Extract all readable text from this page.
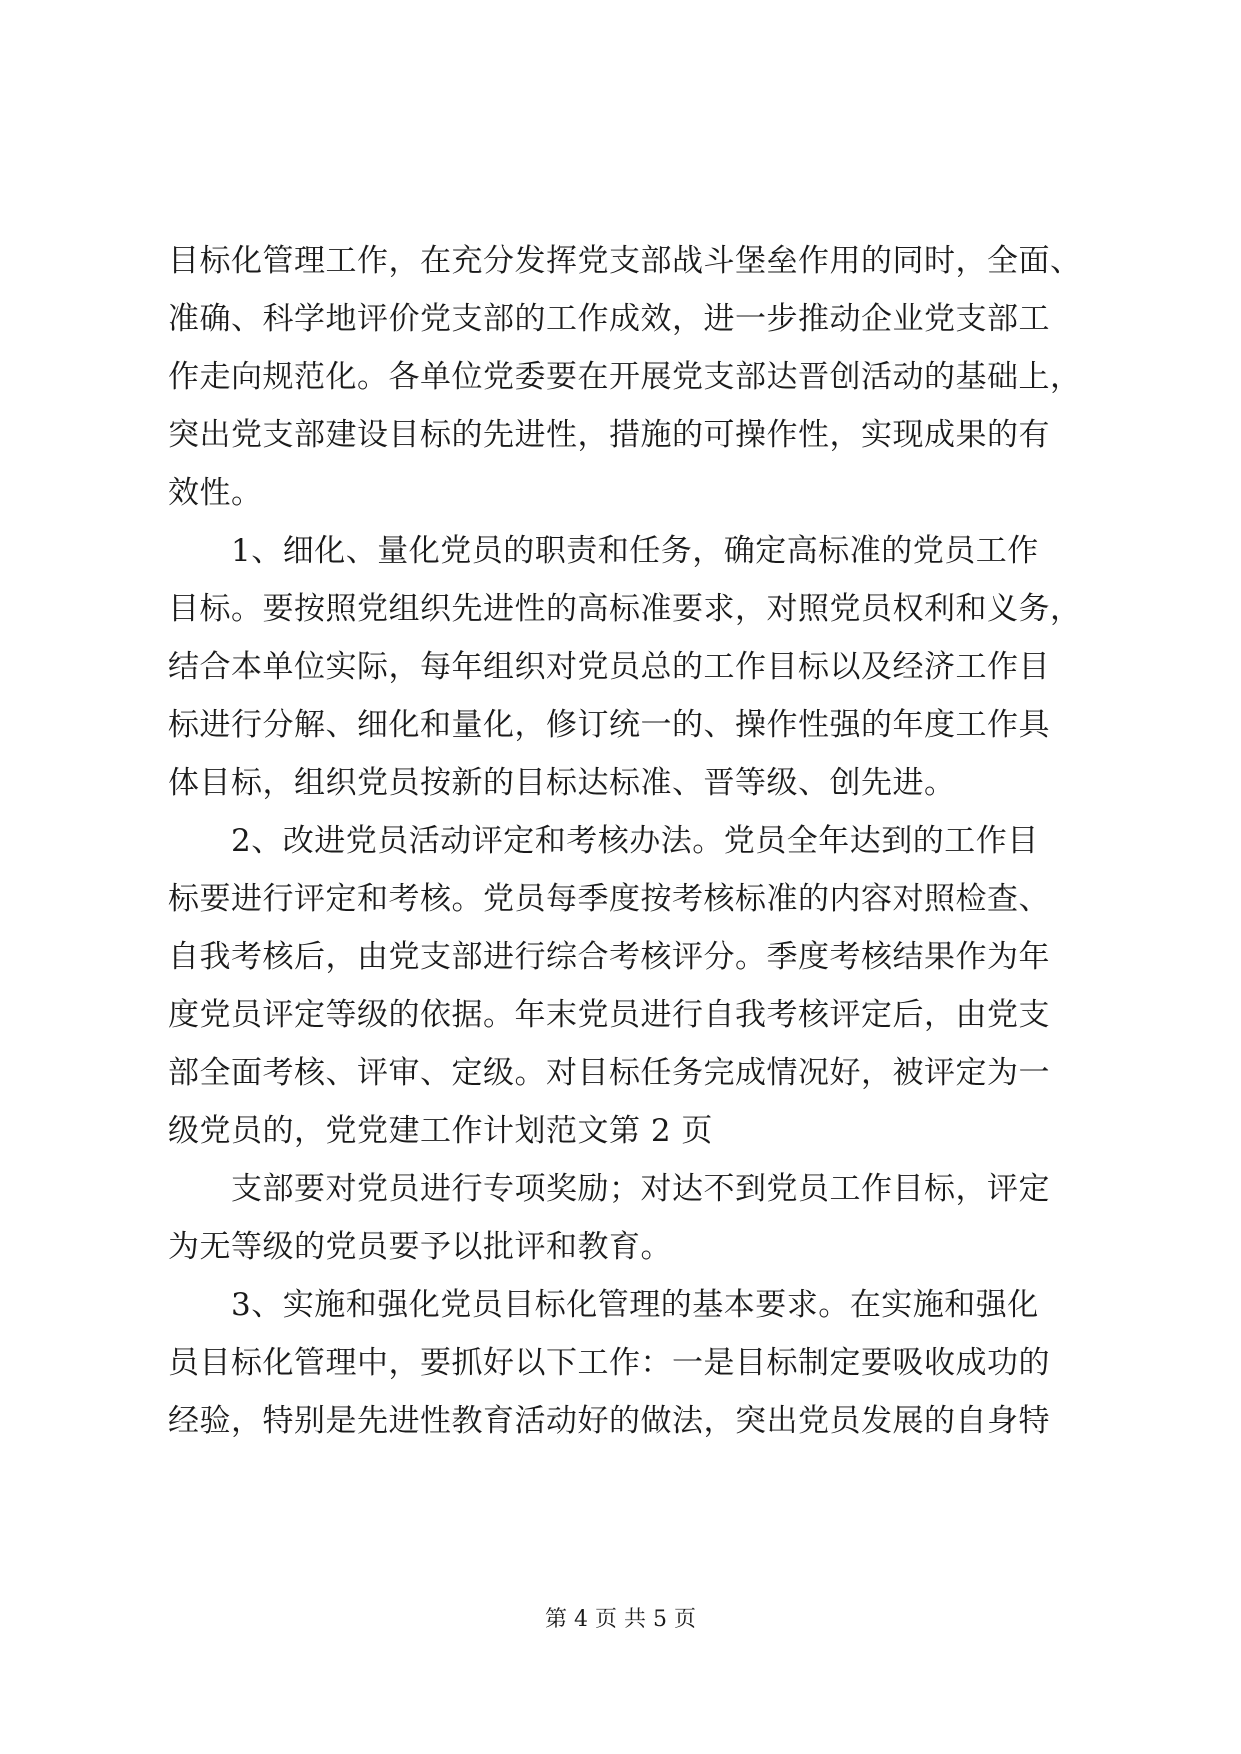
目标化管理工作，在充分发挥党支部战斗堡垒作用的同时，全面、
准确、科学地评价党支部的工作成效，进一步推动企业党支部工
作走向规范化。各单位党委要在开展党支部达晋创活动的基础上，
突出党支部建设目标的先进性，措施的可操作性，实现成果的有
效性。
　　1、细化、量化党员的职责和任务，确定高标准的党员工作
目标。要按照党组织先进性的高标准要求，对照党员权利和义务，
结合本单位实际，每年组织对党员总的工作目标以及经济工作目
标进行分解、细化和量化，修订统一的、操作性强的年度工作具
体目标，组织党员按新的目标达标准、晋等级、创先进。
　　2、改进党员活动评定和考核办法。党员全年达到的工作目
标要进行评定和考核。党员每季度按考核标准的内容对照检查、
自我考核后，由党支部进行综合考核评分。季度考核结果作为年
度党员评定等级的依据。年末党员进行自我考核评定后，由党支
部全面考核、评审、定级。对目标任务完成情况好，被评定为一
级党员的，党党建工作计划范文第 2 页
　　支部要对党员进行专项奖励；对达不到党员工作目标，评定
为无等级的党员要予以批评和教育。
　　3、实施和强化党员目标化管理的基本要求。在实施和强化
员目标化管理中，要抓好以下工作：一是目标制定要吸收成功的
经验，特别是先进性教育活动好的做法，突出党员发展的自身特
第 4 页 共 5 页
